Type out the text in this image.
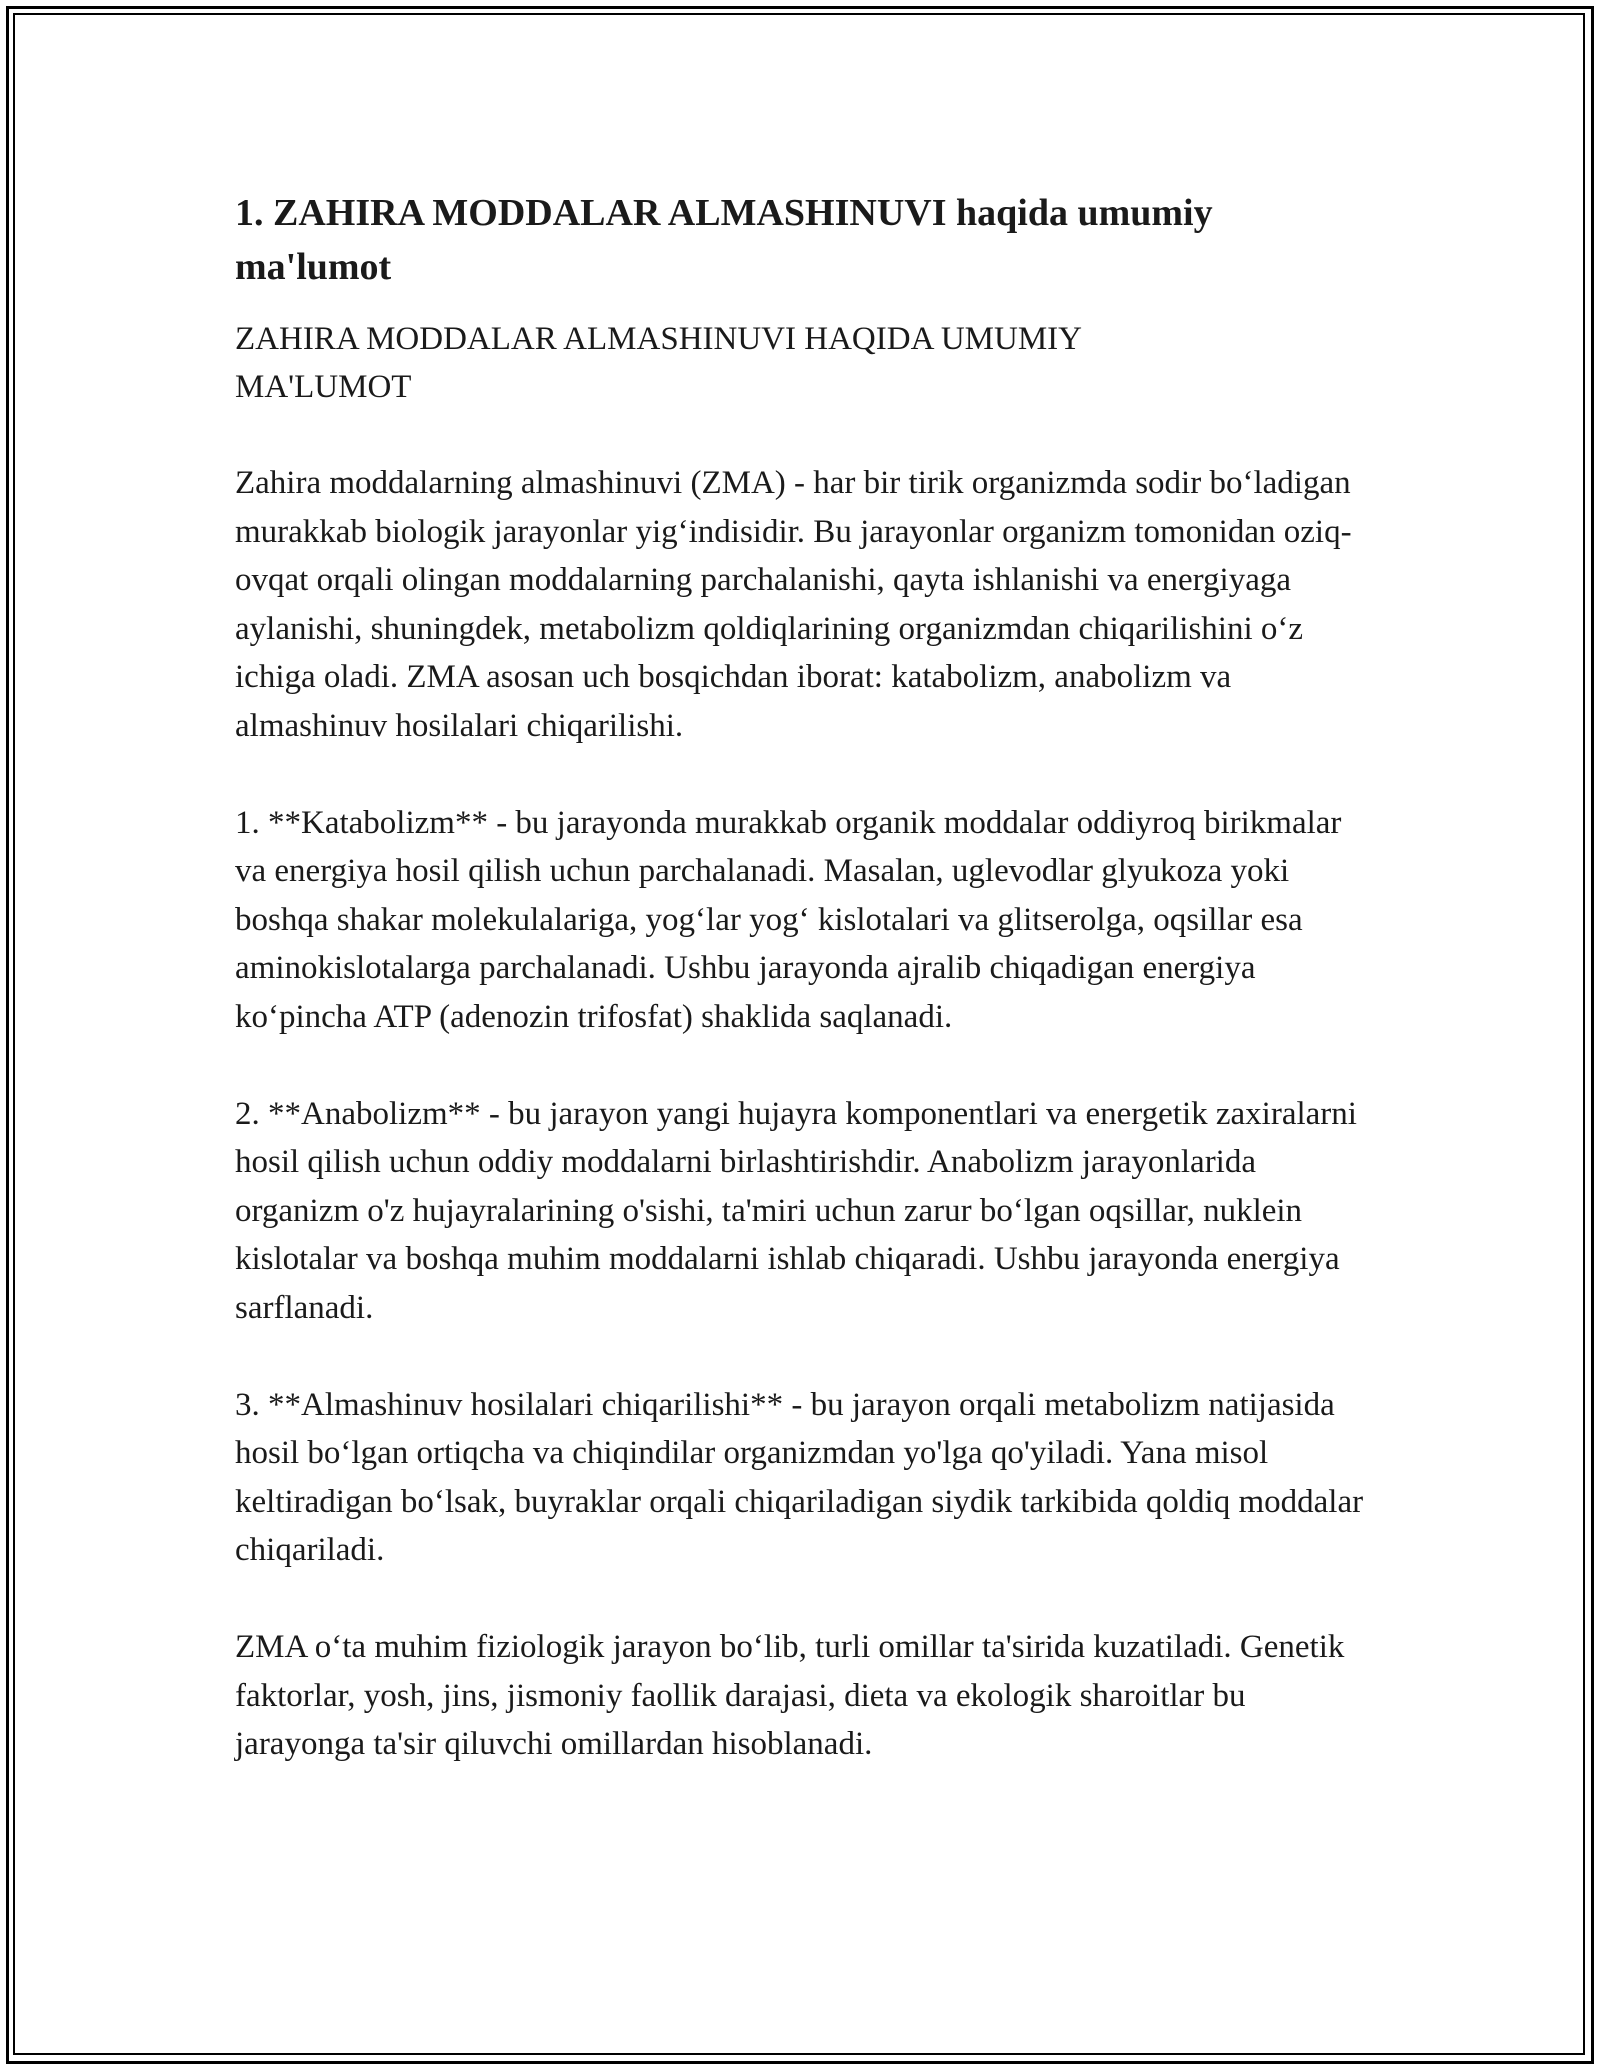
1. ZAHIRA MODDALAR ALMASHINUVI haqida umumiy ma'lumot
ZAHIRA MODDALAR ALMASHINUVI HAQIDA UMUMIY MA'LUMOT

Zahira moddalarning almashinuvi (ZMA) - har bir tirik organizmda sodir bo‘ladigan murakkab biologik jarayonlar yig‘indisidir. Bu jarayonlar organizm tomonidan oziq-ovqat orqali olingan moddalarning parchalanishi, qayta ishlanishi va energiyaga aylanishi, shuningdek, metabolizm qoldiqlarining organizmdan chiqarilishini o‘z ichiga oladi. ZMA asosan uch bosqichdan iborat: katabolizm, anabolizm va almashinuv hosilalari chiqarilishi.

1. **Katabolizm** - bu jarayonda murakkab organik moddalar oddiyroq birikmalar va energiya hosil qilish uchun parchalanadi. Masalan, uglevodlar glyukoza yoki boshqa shakar molekulalariga, yog‘lar yog‘ kislotalari va glitserolga, oqsillar esa aminokislotalarga parchalanadi. Ushbu jarayonda ajralib chiqadigan energiya ko‘pincha ATP (adenozin trifosfat) shaklida saqlanadi.

2. **Anabolizm** - bu jarayon yangi hujayra komponentlari va energetik zaxiralarni hosil qilish uchun oddiy moddalarni birlashtirishdir. Anabolizm jarayonlarida organizm o'z hujayralarining o'sishi, ta'miri uchun zarur bo‘lgan oqsillar, nuklein kislotalar va boshqa muhim moddalarni ishlab chiqaradi. Ushbu jarayonda energiya sarflanadi.

3. **Almashinuv hosilalari chiqarilishi** - bu jarayon orqali metabolizm natijasida hosil bo‘lgan ortiqcha va chiqindilar organizmdan yo'lga qo'yiladi. Yana misol keltiradigan bo‘lsak, buyraklar orqali chiqariladigan siydik tarkibida qoldiq moddalar chiqariladi.

ZMA o‘ta muhim fiziologik jarayon bo‘lib, turli omillar ta'sirida kuzatiladi. Genetik faktorlar, yosh, jins, jismoniy faollik darajasi, dieta va ekologik sharoitlar bu jarayonga ta'sir qiluvchi omillardan hisoblanadi.
